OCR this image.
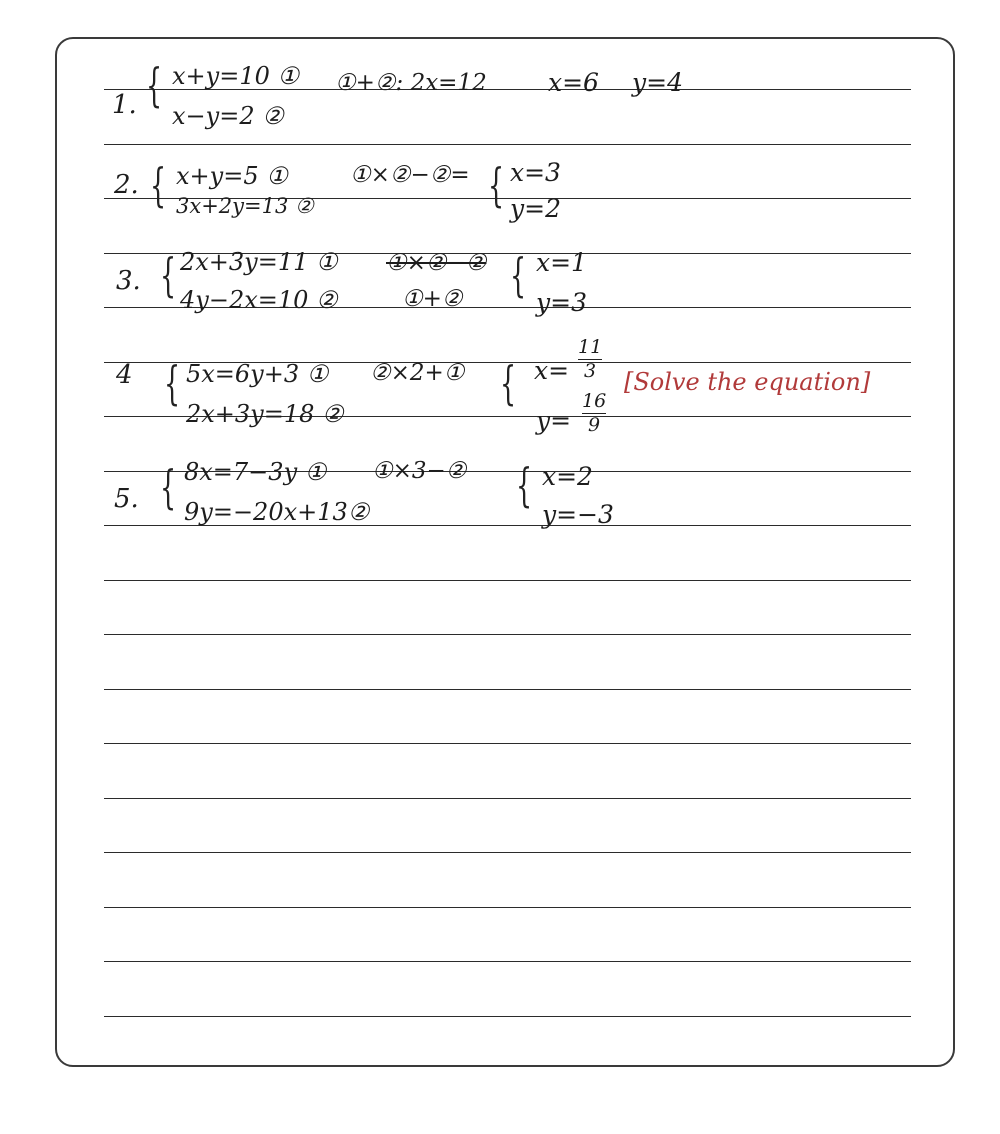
1. { x+y=10 ①
x−y=2 ②
①+②: 2x=12 x=6 y=4
2. { x+y=5 ①
3x+2y=13 ②
①×②−②= { x=3
y=2
3. { 2x+3y=11 ①
4y−2x=10 ②
①×②−②
①+② { x=1
y=3
4 { 5x=6y+3 ①
2x+3y=18 ②
②×2+① { x=
11
3
y=
16
9
[Solve the equation]
5. { 8x=7−3y ①
9y=−20x+13②
①×3−② { x=2
y=−3
